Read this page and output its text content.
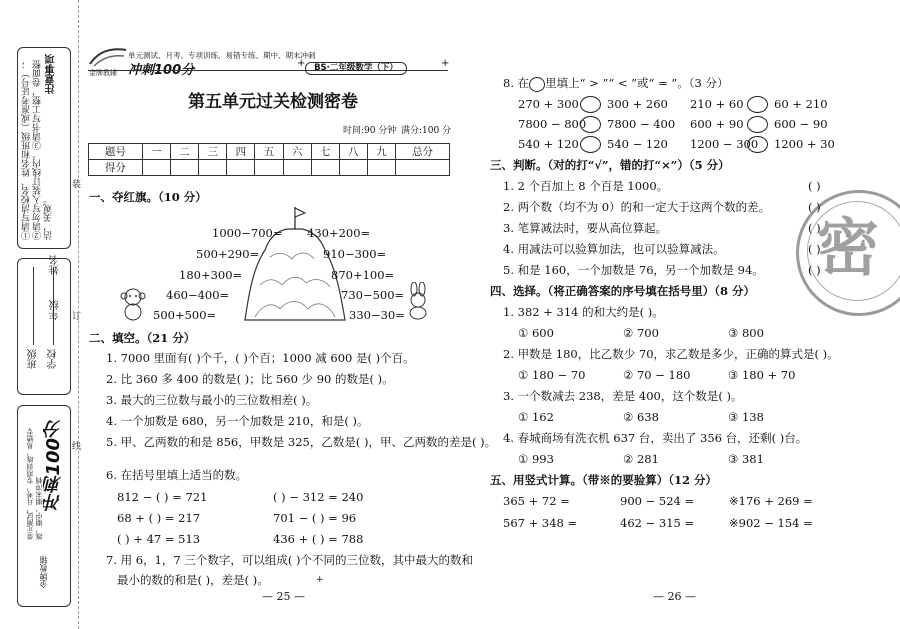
注意事项
①请写清校名、姓名和班级（或准考证号）；②请勿写入装订线内。③请书写工整，卷面整洁，美观。
学校
班级
年级
姓名
冲刺100分
单元测试，月考，专项训练，易错专练，期中，期末冲刺
金牌教辅
装
订
线
单元测试、月考、专项训练、易错专练、期中、期末冲刺
金牌教辅 冲刺100分	BS·二年级数学（下）
+	+
第五单元过关检测密卷
时间:90 分钟 满分:100 分
题号	一	二	三	四	五	六	七	八	九	总分
得分										
一、夺红旗。（10 分）
1000−700=
500+290=
180+300=
460−400=
500+500=
430+200=
910−300=
870+100=
730−500=
330−30=
二、填空。（21 分）
1. 7000 里面有( )个千，( )个百；1000 减 600 是( )个百。
2. 比 360 多 400 的数是( )；比 560 少 90 的数是( )。
3. 最大的三位数与最小的三位数相差( )。
4. 一个加数是 680，另一个加数是 210，和是( )。
5. 甲、乙两数的和是 856，甲数是 325，乙数是( )，甲、乙两数的差是( )。
6. 在括号里填上适当的数。
812 − ( ) = 721	( ) − 312 = 240
68 + ( ) = 217	701 − ( ) = 96
( ) + 47 = 513	436 + ( ) = 788
7. 用 6，1，7 三个数字，可以组成( )个不同的三位数，其中最大的数和
最小的数的和是( )，差是( )。	+
— 25 —
8. 在 里填上“ > ”“ < ”或“ = ”。（3 分）
270 + 300 300 + 260 210 + 60	60 + 210
7800 − 800 7800 − 400 600 + 90	600 − 90
540 + 120 540 − 120 1200 − 300 1200 + 30
密
三、判断。（对的打“√”，错的打“×”）（5 分）
1. 2 个百加上 8 个百是 1000。	( )
2. 两个数（均不为 0）的和一定大于这两个数的差。	( )
3. 笔算减法时，要从高位算起。	( )
4. 用减法可以验算加法，也可以验算减法。	( )
5. 和是 160，一个加数是 76，另一个加数是 94。	( )
四、选择。（将正确答案的序号填在括号里）（8 分）
1. 382 + 314 的和大约是( )。
① 600	② 700	③ 800
2. 甲数是 180，比乙数少 70，求乙数是多少，正确的算式是( )。
① 180 − 70	② 70 − 180	③ 180 + 70
3. 一个数减去 238，差是 400，这个数是( )。
① 162	② 638	③ 138
4. 春城商场有洗衣机 637 台，卖出了 356 台，还剩( )台。
① 993	② 281	③ 381
五、用竖式计算。（带※的要验算）（12 分）
365 + 72 =	900 − 524 =	※176 + 269 =
567 + 348 =	462 − 315 =	※902 − 154 =
— 26 —
